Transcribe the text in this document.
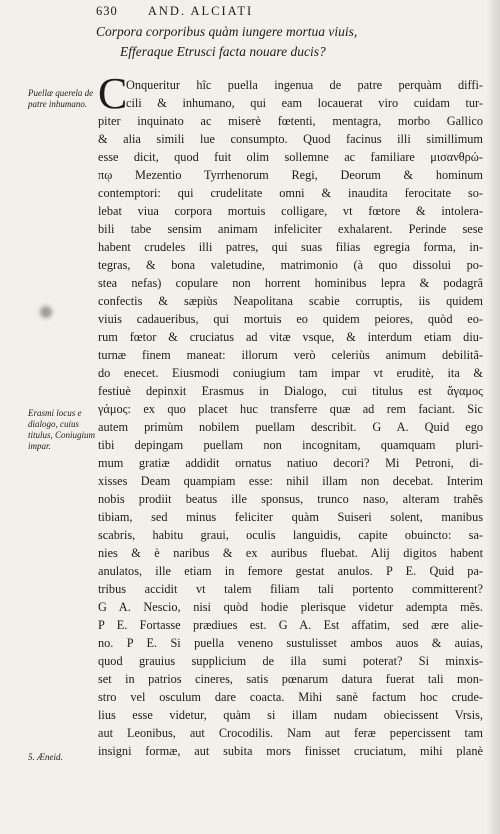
630 AND. ALCIATI
Corpora corporibus quàm iungere mortua viuis,
Efferaque Etrusci facta nouare ducis?
Puellæ querela de patre inhumano.
Erasmi locus e dialogo, cuius titulus, Coniugium impar.
5. Æneid.
C
Onqueritur hîc puella ingenua de patre perquàm diffi-
cili & inhumano, qui eam locauerat viro cuidam tur-
piter inquinato ac miserè fœtenti, mentagra, morbo Gallico
& alia simili lue consumpto. Quod facinus illi simillimum
esse dicit, quod fuit olim sollemne ac familiare μισανθρώ-
πῳ Mezentio Tyrrhenorum Regi, Deorum & hominum
contemptori: qui crudelitate omni & inaudita ferocitate so-
lebat viua corpora mortuis colligare, vt fœtore & intolera-
bili tabe sensim animam infeliciter exhalarent. Perinde sese
habent crudeles illi patres, qui suas filias egregia forma, in-
tegras, & bona valetudine, matrimonio (à quo dissolui po-
stea nefas) copulare non horrent hominibus lepra & podagrâ
confectis & sæpiùs Neapolitana scabie corruptis, iis quidem
viuis cadaueribus, qui mortuis eo quidem peiores, quòd eo-
rum fœtor & cruciatus ad vitæ vsque, & interdum etiam diu-
turnæ finem maneat: illorum verò celeriùs animum debilitã-
do enecet. Eiusmodi coniugium tam impar vt eruditè, ita &
festiuè depinxit Erasmus in Dialogo, cui titulus est ἄγαμος
γάμος: ex quo placet huc transferre quæ ad rem faciant. Sic
autem primùm nobilem puellam describit. G A. Quid ego
tibi depingam puellam non incognitam, quamquam pluri-
mum gratiæ addidit ornatus natiuo decori? Mi Petroni, di-
xisses Deam quampiam esse: nihil illam non decebat. Interim
nobis prodiit beatus ille sponsus, trunco naso, alteram trahẽs
tibiam, sed minus feliciter quàm Suiseri solent, manibus
scabris, habitu graui, oculis languidis, capite obuincto: sa-
nies & è naribus & ex auribus fluebat. Alij digitos habent
anulatos, ille etiam in femore gestat anulos. P E. Quid pa-
tribus accidit vt talem filiam tali portento committerent?
G A. Nescio, nisi quòd hodie plerisque videtur adempta mẽs.
P E. Fortasse prædiues est. G A. Est affatim, sed ære alie-
no. P E. Si puella veneno sustulisset ambos auos & auias,
quod grauius supplicium de illa sumi poterat? Si minxis-
set in patrios cineres, satis pœnarum datura fuerat tali mon-
stro vel osculum dare coacta. Mihi sanè factum hoc crude-
lius esse videtur, quàm si illam nudam obiecissent Vrsis,
aut Leonibus, aut Crocodilis. Nam aut feræ pepercissent tam
insigni formæ, aut subita mors finisset cruciatum, mihi planè
